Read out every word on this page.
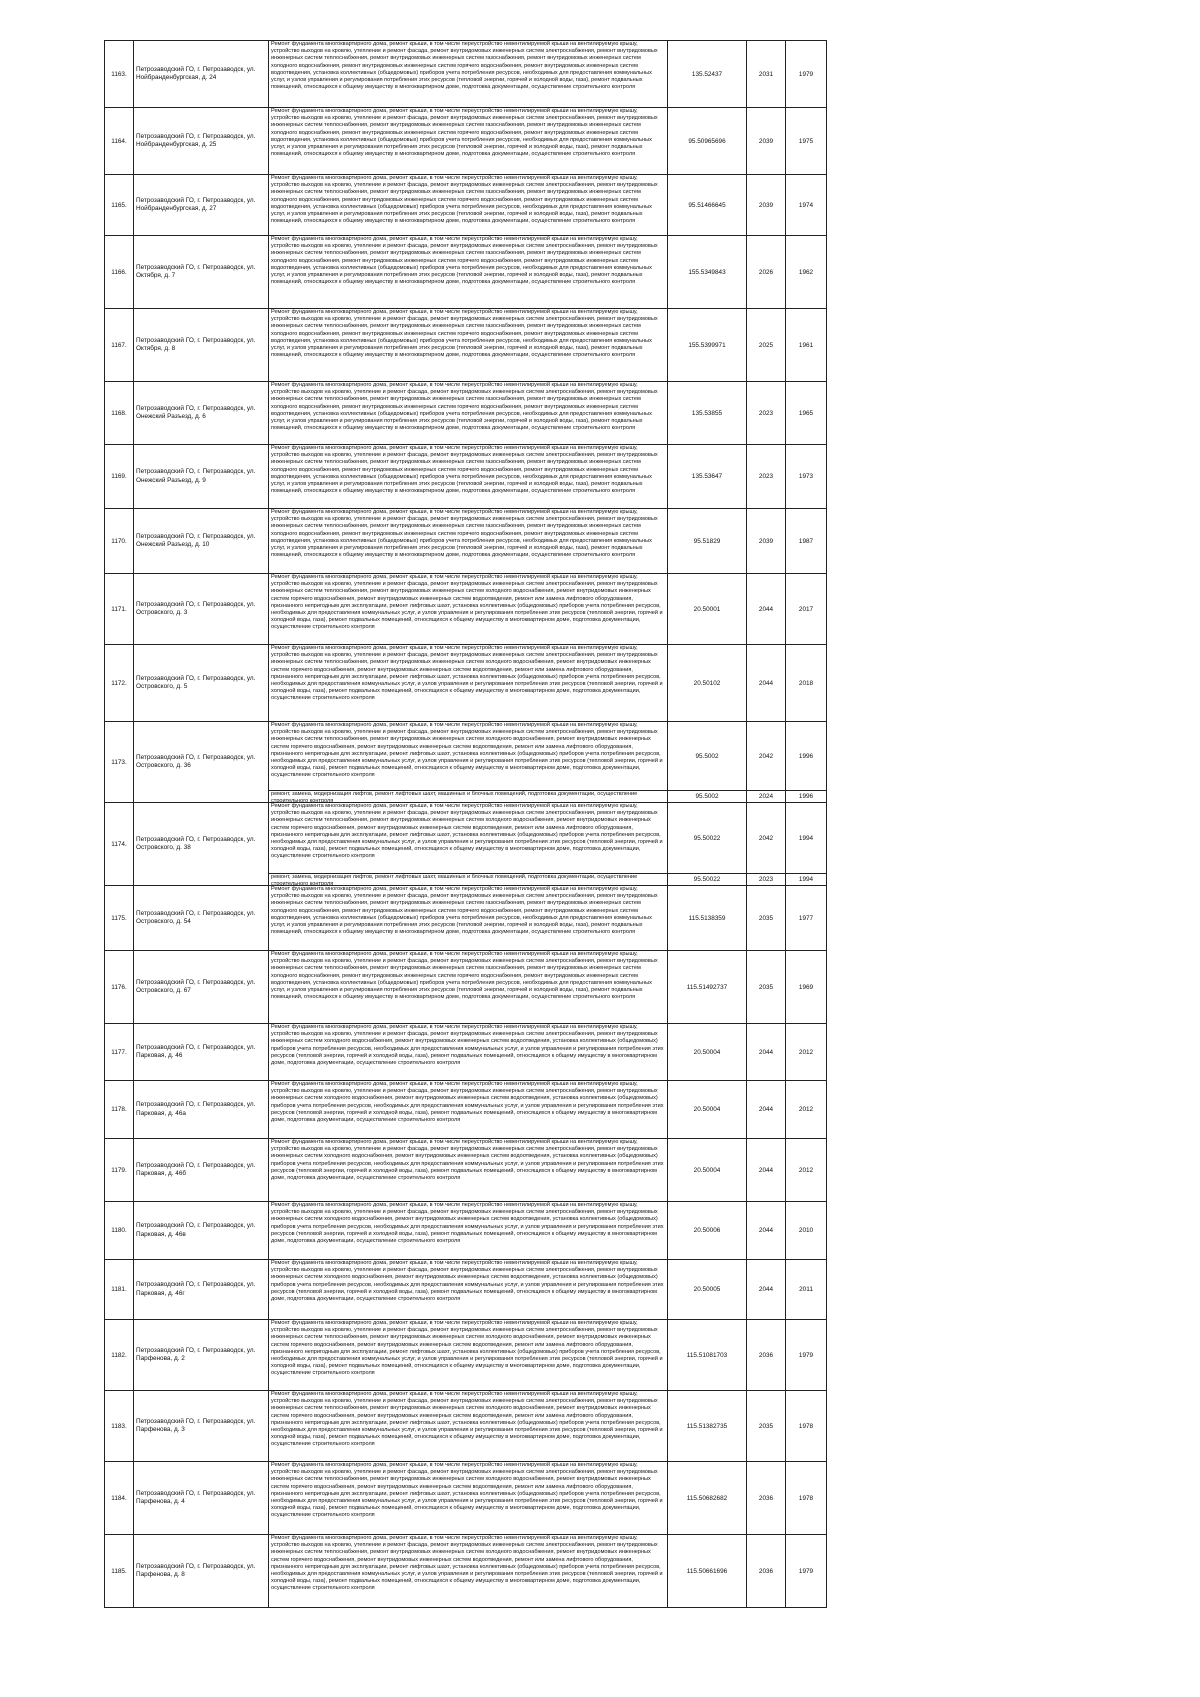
1163.	Петрозаводский ГО, г. Петрозаводск, ул. Нойбранденбургская, д. 24	Ремонт фундамента многоквартирного дома, ремонт крыши, в том числе переустройство невентилируемой крыши на вентилируемую крышу, устройство выходов на кровлю, утепление и ремонт фасада, ремонт внутридомовых инженерных систем электроснабжения, ремонт внутридомовых инженерных систем теплоснабжения, ремонт внутридомовых инженерных систем газоснабжения, ремонт внутридомовых инженерных систем холодного водоснабжения, ремонт внутридомовых инженерных систем горячего водоснабжения, ремонт внутридомовых инженерных систем водоотведения, установка коллективных (общедомовых) приборов учета потребления ресурсов, необходимых для предоставления коммунальных услуг, и узлов управления и регулирования потребления этих ресурсов (тепловой энергии, горячей и холодной воды, газа), ремонт подвальных помещений, относящихся к общему имуществу в многоквартирном доме, подготовка документации, осуществление строительного контроля	135.52437	2031	1979
1164.	Петрозаводский ГО, г. Петрозаводск, ул. Нойбранденбургская, д. 25	Ремонт фундамента многоквартирного дома, ремонт крыши, в том числе переустройство невентилируемой крыши на вентилируемую крышу, устройство выходов на кровлю, утепление и ремонт фасада, ремонт внутридомовых инженерных систем электроснабжения, ремонт внутридомовых инженерных систем теплоснабжения, ремонт внутридомовых инженерных систем газоснабжения, ремонт внутридомовых инженерных систем холодного водоснабжения, ремонт внутридомовых инженерных систем горячего водоснабжения, ремонт внутридомовых инженерных систем водоотведения, установка коллективных (общедомовых) приборов учета потребления ресурсов, необходимых для предоставления коммунальных услуг, и узлов управления и регулирования потребления этих ресурсов (тепловой энергии, горячей и холодной воды, газа), ремонт подвальных помещений, относящихся к общему имуществу в многоквартирном доме, подготовка документации, осуществление строительного контроля	95.50965696	2039	1975
1165.	Петрозаводский ГО, г. Петрозаводск, ул. Нойбранденбургская, д. 27	Ремонт фундамента многоквартирного дома, ремонт крыши, в том числе переустройство невентилируемой крыши на вентилируемую крышу, устройство выходов на кровлю, утепление и ремонт фасада, ремонт внутридомовых инженерных систем электроснабжения, ремонт внутридомовых инженерных систем теплоснабжения, ремонт внутридомовых инженерных систем газоснабжения, ремонт внутридомовых инженерных систем холодного водоснабжения, ремонт внутридомовых инженерных систем горячего водоснабжения, ремонт внутридомовых инженерных систем водоотведения, установка коллективных (общедомовых) приборов учета потребления ресурсов, необходимых для предоставления коммунальных услуг, и узлов управления и регулирования потребления этих ресурсов (тепловой энергии, горячей и холодной воды, газа), ремонт подвальных помещений, относящихся к общему имуществу в многоквартирном доме, подготовка документации, осуществление строительного контроля	95.51466645	2039	1974
1166.	Петрозаводский ГО, г. Петрозаводск, ул. Октября, д. 7	Ремонт фундамента многоквартирного дома, ремонт крыши, в том числе переустройство невентилируемой крыши на вентилируемую крышу, устройство выходов на кровлю, утепление и ремонт фасада, ремонт внутридомовых инженерных систем электроснабжения, ремонт внутридомовых инженерных систем теплоснабжения, ремонт внутридомовых инженерных систем газоснабжения, ремонт внутридомовых инженерных систем холодного водоснабжения, ремонт внутридомовых инженерных систем горячего водоснабжения, ремонт внутридомовых инженерных систем водоотведения, установка коллективных (общедомовых) приборов учета потребления ресурсов, необходимых для предоставления коммунальных услуг, и узлов управления и регулирования потребления этих ресурсов (тепловой энергии, горячей и холодной воды, газа), ремонт подвальных помещений, относящихся к общему имуществу в многоквартирном доме, подготовка документации, осуществление строительного контроля	155.5349843	2026	1962
1167.	Петрозаводский ГО, г. Петрозаводск, ул. Октября, д. 8	Ремонт фундамента многоквартирного дома, ремонт крыши, в том числе переустройство невентилируемой крыши на вентилируемую крышу, устройство выходов на кровлю, утепление и ремонт фасада, ремонт внутридомовых инженерных систем электроснабжения, ремонт внутридомовых инженерных систем теплоснабжения, ремонт внутридомовых инженерных систем газоснабжения, ремонт внутридомовых инженерных систем холодного водоснабжения, ремонт внутридомовых инженерных систем горячего водоснабжения, ремонт внутридомовых инженерных систем водоотведения, установка коллективных (общедомовых) приборов учета потребления ресурсов, необходимых для предоставления коммунальных услуг, и узлов управления и регулирования потребления этих ресурсов (тепловой энергии, горячей и холодной воды, газа), ремонт подвальных помещений, относящихся к общему имуществу в многоквартирном доме, подготовка документации, осуществление строительного контроля	155.5399971	2025	1961
1168.	Петрозаводский ГО, г. Петрозаводск, ул. Онежский Разъезд, д. 6	Ремонт фундамента многоквартирного дома, ремонт крыши, в том числе переустройство невентилируемой крыши на вентилируемую крышу, устройство выходов на кровлю, утепление и ремонт фасада, ремонт внутридомовых инженерных систем электроснабжения, ремонт внутридомовых инженерных систем теплоснабжения, ремонт внутридомовых инженерных систем газоснабжения, ремонт внутридомовых инженерных систем холодного водоснабжения, ремонт внутридомовых инженерных систем горячего водоснабжения, ремонт внутридомовых инженерных систем водоотведения, установка коллективных (общедомовых) приборов учета потребления ресурсов, необходимых для предоставления коммунальных услуг, и узлов управления и регулирования потребления этих ресурсов (тепловой энергии, горячей и холодной воды, газа), ремонт подвальных помещений, относящихся к общему имуществу в многоквартирном доме, подготовка документации, осуществление строительного контроля	135.53855	2023	1965
1169.	Петрозаводский ГО, г. Петрозаводск, ул. Онежский Разъезд, д. 9	Ремонт фундамента многоквартирного дома, ремонт крыши, в том числе переустройство невентилируемой крыши на вентилируемую крышу, устройство выходов на кровлю, утепление и ремонт фасада, ремонт внутридомовых инженерных систем электроснабжения, ремонт внутридомовых инженерных систем теплоснабжения, ремонт внутридомовых инженерных систем газоснабжения, ремонт внутридомовых инженерных систем холодного водоснабжения, ремонт внутридомовых инженерных систем горячего водоснабжения, ремонт внутридомовых инженерных систем водоотведения, установка коллективных (общедомовых) приборов учета потребления ресурсов, необходимых для предоставления коммунальных услуг, и узлов управления и регулирования потребления этих ресурсов (тепловой энергии, горячей и холодной воды, газа), ремонт подвальных помещений, относящихся к общему имуществу в многоквартирном доме, подготовка документации, осуществление строительного контроля	135.53647	2023	1973
1170.	Петрозаводский ГО, г. Петрозаводск, ул. Онежский Разъезд, д. 10	Ремонт фундамента многоквартирного дома, ремонт крыши, в том числе переустройство невентилируемой крыши на вентилируемую крышу, устройство выходов на кровлю, утепление и ремонт фасада, ремонт внутридомовых инженерных систем электроснабжения, ремонт внутридомовых инженерных систем теплоснабжения, ремонт внутридомовых инженерных систем газоснабжения, ремонт внутридомовых инженерных систем холодного водоснабжения, ремонт внутридомовых инженерных систем горячего водоснабжения, ремонт внутридомовых инженерных систем водоотведения, установка коллективных (общедомовых) приборов учета потребления ресурсов, необходимых для предоставления коммунальных услуг, и узлов управления и регулирования потребления этих ресурсов (тепловой энергии, горячей и холодной воды, газа), ремонт подвальных помещений, относящихся к общему имуществу в многоквартирном доме, подготовка документации, осуществление строительного контроля	95.51829	2039	1987
1171.	Петрозаводский ГО, г. Петрозаводск, ул. Островского, д. 3	Ремонт фундамента многоквартирного дома, ремонт крыши, в том числе переустройство невентилируемой крыши на вентилируемую крышу, устройство выходов на кровлю, утепление и ремонт фасада, ремонт внутридомовых инженерных систем электроснабжения, ремонт внутридомовых инженерных систем теплоснабжения, ремонт внутридомовых инженерных систем холодного водоснабжения, ремонт внутридомовых инженерных систем горячего водоснабжения, ремонт внутридомовых инженерных систем водоотведения, ремонт или замена лифтового оборудования, признанного непригодным для эксплуатации, ремонт лифтовых шахт, установка коллективных (общедомовых) приборов учета потребления ресурсов, необходимых для предоставления коммунальных услуг, и узлов управления и регулирования потребления этих ресурсов (тепловой энергии, горячей и холодной воды, газа), ремонт подвальных помещений, относящихся к общему имуществу в многоквартирном доме, подготовка документации, осуществление строительного контроля	20.50001	2044	2017
1172.	Петрозаводский ГО, г. Петрозаводск, ул. Островского, д. 5	Ремонт фундамента многоквартирного дома, ремонт крыши, в том числе переустройство невентилируемой крыши на вентилируемую крышу, устройство выходов на кровлю, утепление и ремонт фасада, ремонт внутридомовых инженерных систем электроснабжения, ремонт внутридомовых инженерных систем теплоснабжения, ремонт внутридомовых инженерных систем холодного водоснабжения, ремонт внутридомовых инженерных систем горячего водоснабжения, ремонт внутридомовых инженерных систем водоотведения, ремонт или замена лифтового оборудования, признанного непригодным для эксплуатации, ремонт лифтовых шахт, установка коллективных (общедомовых) приборов учета потребления ресурсов, необходимых для предоставления коммунальных услуг, и узлов управления и регулирования потребления этих ресурсов (тепловой энергии, горячей и холодной воды, газа), ремонт подвальных помещений, относящихся к общему имуществу в многоквартирном доме, подготовка документации, осуществление строительного контроля	20.50102	2044	2018
1173.	Петрозаводский ГО, г. Петрозаводск, ул. Островского, д. 36	Ремонт фундамента многоквартирного дома, ремонт крыши, в том числе переустройство невентилируемой крыши на вентилируемую крышу, устройство выходов на кровлю, утепление и ремонт фасада, ремонт внутридомовых инженерных систем электроснабжения, ремонт внутридомовых инженерных систем теплоснабжения, ремонт внутридомовых инженерных систем холодного водоснабжения, ремонт внутридомовых инженерных систем горячего водоснабжения, ремонт внутридомовых инженерных систем водоотведения, ремонт или замена лифтового оборудования, признанного непригодным для эксплуатации, ремонт лифтовых шахт, установка коллективных (общедомовых) приборов учета потребления ресурсов, необходимых для предоставления коммунальных услуг, и узлов управления и регулирования потребления этих ресурсов (тепловой энергии, горячей и холодной воды, газа), ремонт подвальных помещений, относящихся к общему имуществу в многоквартирном доме, подготовка документации, осуществление строительного контроля	95.5002	2042	1996

		ремонт, замена, модернизация лифтов, ремонт лифтовых шахт, машинных и блочных помещений, подготовка документации, осуществление строительного контроля	95.5002	2024	1996
1174.	Петрозаводский ГО, г. Петрозаводск, ул. Островского, д. 38	Ремонт фундамента многоквартирного дома, ремонт крыши, в том числе переустройство невентилируемой крыши на вентилируемую крышу, устройство выходов на кровлю, утепление и ремонт фасада, ремонт внутридомовых инженерных систем электроснабжения, ремонт внутридомовых инженерных систем теплоснабжения, ремонт внутридомовых инженерных систем холодного водоснабжения, ремонт внутридомовых инженерных систем горячего водоснабжения, ремонт внутридомовых инженерных систем водоотведения, ремонт или замена лифтового оборудования, признанного непригодным для эксплуатации, ремонт лифтовых шахт, установка коллективных (общедомовых) приборов учета потребления ресурсов, необходимых для предоставления коммунальных услуг, и узлов управления и регулирования потребления этих ресурсов (тепловой энергии, горячей и холодной воды, газа), ремонт подвальных помещений, относящихся к общему имуществу в многоквартирном доме, подготовка документации, осуществление строительного контроля	95.50022	2042	1994

		ремонт, замена, модернизация лифтов, ремонт лифтовых шахт, машинных и блочных помещений, подготовка документации, осуществление строительного контроля	95.50022	2023	1994
1175.	Петрозаводский ГО, г. Петрозаводск, ул. Островского, д. 54	Ремонт фундамента многоквартирного дома, ремонт крыши, в том числе переустройство невентилируемой крыши на вентилируемую крышу, устройство выходов на кровлю, утепление и ремонт фасада, ремонт внутридомовых инженерных систем электроснабжения, ремонт внутридомовых инженерных систем теплоснабжения, ремонт внутридомовых инженерных систем газоснабжения, ремонт внутридомовых инженерных систем холодного водоснабжения, ремонт внутридомовых инженерных систем горячего водоснабжения, ремонт внутридомовых инженерных систем водоотведения, установка коллективных (общедомовых) приборов учета потребления ресурсов, необходимых для предоставления коммунальных услуг, и узлов управления и регулирования потребления этих ресурсов (тепловой энергии, горячей и холодной воды, газа), ремонт подвальных помещений, относящихся к общему имуществу в многоквартирном доме, подготовка документации, осуществление строительного контроля	115.5138359	2035	1977
1176.	Петрозаводский ГО, г. Петрозаводск, ул. Островского, д. 67	Ремонт фундамента многоквартирного дома, ремонт крыши, в том числе переустройство невентилируемой крыши на вентилируемую крышу, устройство выходов на кровлю, утепление и ремонт фасада, ремонт внутридомовых инженерных систем электроснабжения, ремонт внутридомовых инженерных систем теплоснабжения, ремонт внутридомовых инженерных систем газоснабжения, ремонт внутридомовых инженерных систем холодного водоснабжения, ремонт внутридомовых инженерных систем горячего водоснабжения, ремонт внутридомовых инженерных систем водоотведения, установка коллективных (общедомовых) приборов учета потребления ресурсов, необходимых для предоставления коммунальных услуг, и узлов управления и регулирования потребления этих ресурсов (тепловой энергии, горячей и холодной воды, газа), ремонт подвальных помещений, относящихся к общему имуществу в многоквартирном доме, подготовка документации, осуществление строительного контроля	115.51492737	2035	1969
1177.	Петрозаводский ГО, г. Петрозаводск, ул. Парковая, д. 46	Ремонт фундамента многоквартирного дома, ремонт крыши, в том числе переустройство невентилируемой крыши на вентилируемую крышу, устройство выходов на кровлю, утепление и ремонт фасада, ремонт внутридомовых инженерных систем электроснабжения, ремонт внутридомовых инженерных систем холодного водоснабжения, ремонт внутридомовых инженерных систем водоотведения, установка коллективных (общедомовых) приборов учета потребления ресурсов, необходимых для предоставления коммунальных услуг, и узлов управления и регулирования потребления этих ресурсов (тепловой энергии, горячей и холодной воды, газа), ремонт подвальных помещений, относящихся к общему имуществу в многоквартирном доме, подготовка документации, осуществление строительного контроля	20.50004	2044	2012
1178.	Петрозаводский ГО, г. Петрозаводск, ул. Парковая, д. 46а	Ремонт фундамента многоквартирного дома, ремонт крыши, в том числе переустройство невентилируемой крыши на вентилируемую крышу, устройство выходов на кровлю, утепление и ремонт фасада, ремонт внутридомовых инженерных систем электроснабжения, ремонт внутридомовых инженерных систем холодного водоснабжения, ремонт внутридомовых инженерных систем водоотведения, установка коллективных (общедомовых) приборов учета потребления ресурсов, необходимых для предоставления коммунальных услуг, и узлов управления и регулирования потребления этих ресурсов (тепловой энергии, горячей и холодной воды, газа), ремонт подвальных помещений, относящихся к общему имуществу в многоквартирном доме, подготовка документации, осуществление строительного контроля	20.50004	2044	2012
1179.	Петрозаводский ГО, г. Петрозаводск, ул. Парковая, д. 46б	Ремонт фундамента многоквартирного дома, ремонт крыши, в том числе переустройство невентилируемой крыши на вентилируемую крышу, устройство выходов на кровлю, утепление и ремонт фасада, ремонт внутридомовых инженерных систем электроснабжения, ремонт внутридомовых инженерных систем холодного водоснабжения, ремонт внутридомовых инженерных систем водоотведения, установка коллективных (общедомовых) приборов учета потребления ресурсов, необходимых для предоставления коммунальных услуг, и узлов управления и регулирования потребления этих ресурсов (тепловой энергии, горячей и холодной воды, газа), ремонт подвальных помещений, относящихся к общему имуществу в многоквартирном доме, подготовка документации, осуществление строительного контроля	20.50004	2044	2012
1180.	Петрозаводский ГО, г. Петрозаводск, ул. Парковая, д. 46в	Ремонт фундамента многоквартирного дома, ремонт крыши, в том числе переустройство невентилируемой крыши на вентилируемую крышу, устройство выходов на кровлю, утепление и ремонт фасада, ремонт внутридомовых инженерных систем электроснабжения, ремонт внутридомовых инженерных систем холодного водоснабжения, ремонт внутридомовых инженерных систем водоотведения, установка коллективных (общедомовых) приборов учета потребления ресурсов, необходимых для предоставления коммунальных услуг, и узлов управления и регулирования потребления этих ресурсов (тепловой энергии, горячей и холодной воды, газа), ремонт подвальных помещений, относящихся к общему имуществу в многоквартирном доме, подготовка документации, осуществление строительного контроля	20.50006	2044	2010
1181.	Петрозаводский ГО, г. Петрозаводск, ул. Парковая, д. 46г	Ремонт фундамента многоквартирного дома, ремонт крыши, в том числе переустройство невентилируемой крыши на вентилируемую крышу, устройство выходов на кровлю, утепление и ремонт фасада, ремонт внутридомовых инженерных систем электроснабжения, ремонт внутридомовых инженерных систем холодного водоснабжения, ремонт внутридомовых инженерных систем водоотведения, установка коллективных (общедомовых) приборов учета потребления ресурсов, необходимых для предоставления коммунальных услуг, и узлов управления и регулирования потребления этих ресурсов (тепловой энергии, горячей и холодной воды, газа), ремонт подвальных помещений, относящихся к общему имуществу в многоквартирном доме, подготовка документации, осуществление строительного контроля	20.50005	2044	2011
1182.	Петрозаводский ГО, г. Петрозаводск, ул. Парфенова, д. 2	Ремонт фундамента многоквартирного дома, ремонт крыши, в том числе переустройство невентилируемой крыши на вентилируемую крышу, устройство выходов на кровлю, утепление и ремонт фасада, ремонт внутридомовых инженерных систем электроснабжения, ремонт внутридомовых инженерных систем теплоснабжения, ремонт внутридомовых инженерных систем холодного водоснабжения, ремонт внутридомовых инженерных систем горячего водоснабжения, ремонт внутридомовых инженерных систем водоотведения, ремонт или замена лифтового оборудования, признанного непригодным для эксплуатации, ремонт лифтовых шахт, установка коллективных (общедомовых) приборов учета потребления ресурсов, необходимых для предоставления коммунальных услуг, и узлов управления и регулирования потребления этих ресурсов (тепловой энергии, горячей и холодной воды, газа), ремонт подвальных помещений, относящихся к общему имуществу в многоквартирном доме, подготовка документации, осуществление строительного контроля	115.51081703	2036	1979
1183.	Петрозаводский ГО, г. Петрозаводск, ул. Парфенова, д. 3	Ремонт фундамента многоквартирного дома, ремонт крыши, в том числе переустройство невентилируемой крыши на вентилируемую крышу, устройство выходов на кровлю, утепление и ремонт фасада, ремонт внутридомовых инженерных систем электроснабжения, ремонт внутридомовых инженерных систем теплоснабжения, ремонт внутридомовых инженерных систем холодного водоснабжения, ремонт внутридомовых инженерных систем горячего водоснабжения, ремонт внутридомовых инженерных систем водоотведения, ремонт или замена лифтового оборудования, признанного непригодным для эксплуатации, ремонт лифтовых шахт, установка коллективных (общедомовых) приборов учета потребления ресурсов, необходимых для предоставления коммунальных услуг, и узлов управления и регулирования потребления этих ресурсов (тепловой энергии, горячей и холодной воды, газа), ремонт подвальных помещений, относящихся к общему имуществу в многоквартирном доме, подготовка документации, осуществление строительного контроля	115.51382735	2035	1978
1184.	Петрозаводский ГО, г. Петрозаводск, ул. Парфенова, д. 4	Ремонт фундамента многоквартирного дома, ремонт крыши, в том числе переустройство невентилируемой крыши на вентилируемую крышу, устройство выходов на кровлю, утепление и ремонт фасада, ремонт внутридомовых инженерных систем электроснабжения, ремонт внутридомовых инженерных систем теплоснабжения, ремонт внутридомовых инженерных систем холодного водоснабжения, ремонт внутридомовых инженерных систем горячего водоснабжения, ремонт внутридомовых инженерных систем водоотведения, ремонт или замена лифтового оборудования, признанного непригодным для эксплуатации, ремонт лифтовых шахт, установка коллективных (общедомовых) приборов учета потребления ресурсов, необходимых для предоставления коммунальных услуг, и узлов управления и регулирования потребления этих ресурсов (тепловой энергии, горячей и холодной воды, газа), ремонт подвальных помещений, относящихся к общему имуществу в многоквартирном доме, подготовка документации, осуществление строительного контроля	115.50682682	2036	1978
1185.	Петрозаводский ГО, г. Петрозаводск, ул. Парфенова, д. 8	Ремонт фундамента многоквартирного дома, ремонт крыши, в том числе переустройство невентилируемой крыши на вентилируемую крышу, устройство выходов на кровлю, утепление и ремонт фасада, ремонт внутридомовых инженерных систем электроснабжения, ремонт внутридомовых инженерных систем теплоснабжения, ремонт внутридомовых инженерных систем холодного водоснабжения, ремонт внутридомовых инженерных систем горячего водоснабжения, ремонт внутридомовых инженерных систем водоотведения, ремонт или замена лифтового оборудования, признанного непригодным для эксплуатации, ремонт лифтовых шахт, установка коллективных (общедомовых) приборов учета потребления ресурсов, необходимых для предоставления коммунальных услуг, и узлов управления и регулирования потребления этих ресурсов (тепловой энергии, горячей и холодной воды, газа), ремонт подвальных помещений, относящихся к общему имуществу в многоквартирном доме, подготовка документации, осуществление строительного контроля	115.50661696	2036	1979
